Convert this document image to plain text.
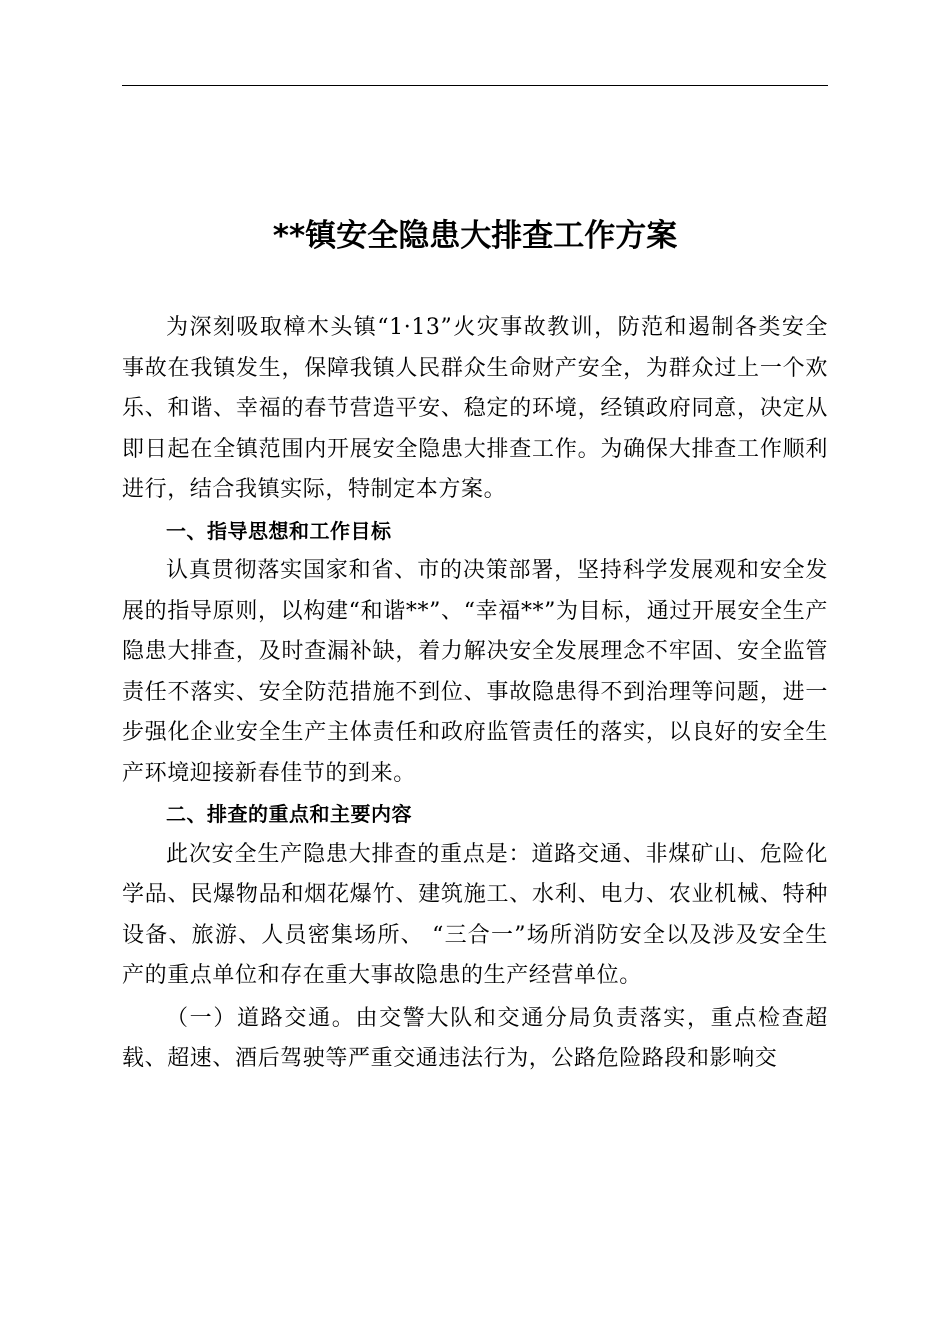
**镇安全隐患大排查工作方案

为深刻吸取樟木头镇“1·13”火灾事故教训，防范和遏制各类安全事故在我镇发生，保障我镇人民群众生命财产安全，为群众过上一个欢乐、和谐、幸福的春节营造平安、稳定的环境，经镇政府同意，决定从即日起在全镇范围内开展安全隐患大排查工作。为确保大排查工作顺利进行，结合我镇实际，特制定本方案。

一、指导思想和工作目标

认真贯彻落实国家和省、市的决策部署，坚持科学发展观和安全发展的指导原则，以构建“和谐**”、“幸福**”为目标，通过开展安全生产隐患大排查，及时查漏补缺，着力解决安全发展理念不牢固、安全监管责任不落实、安全防范措施不到位、事故隐患得不到治理等问题，进一步强化企业安全生产主体责任和政府监管责任的落实，以良好的安全生产环境迎接新春佳节的到来。

二、排查的重点和主要内容

此次安全生产隐患大排查的重点是：道路交通、非煤矿山、危险化学品、民爆物品和烟花爆竹、建筑施工、水利、电力、农业机械、特种设备、旅游、人员密集场所、 “三合一”场所消防安全以及涉及安全生产的重点单位和存在重大事故隐患的生产经营单位。

（一）道路交通。由交警大队和交通分局负责落实，重点检查超载、超速、酒后驾驶等严重交通违法行为，公路危险路段和影响交
